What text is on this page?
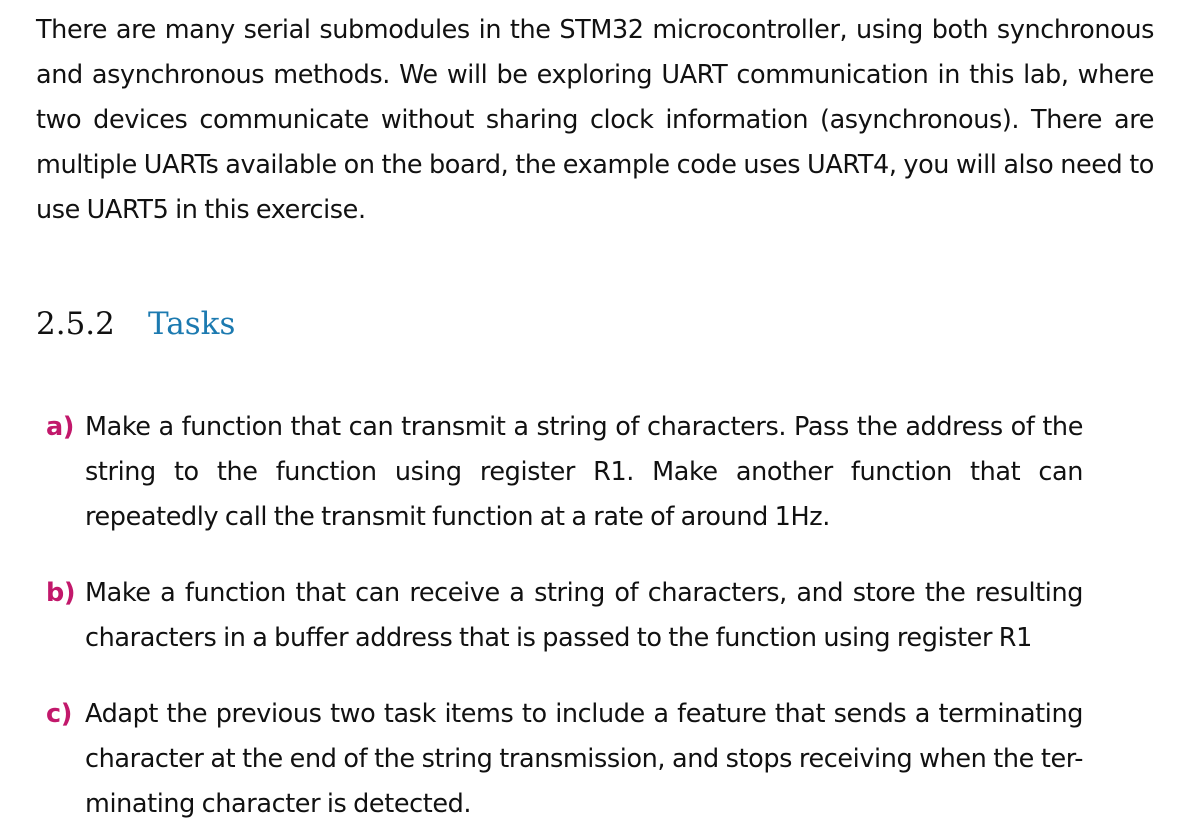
There are many serial submodules in the STM32 microcontroller, using both synchronous and asynchronous methods. We will be exploring UART communication in this lab, where two devices communicate without sharing clock information (asynchronous). There are multiple UARTs available on the board, the example code uses UART4, you will also need to use UART5 in this exercise.

2.5.2 Tasks
a) Make a function that can transmit a string of characters. Pass the address of the string to the function using register R1. Make another function that can repeatedly call the transmit function at a rate of around 1Hz.
b) Make a function that can receive a string of characters, and store the resulting characters in a buffer address that is passed to the function using register R1
c) Adapt the previous two task items to include a feature that sends a terminating character at the end of the string transmission, and stops receiving when the ter-minating character is detected.
